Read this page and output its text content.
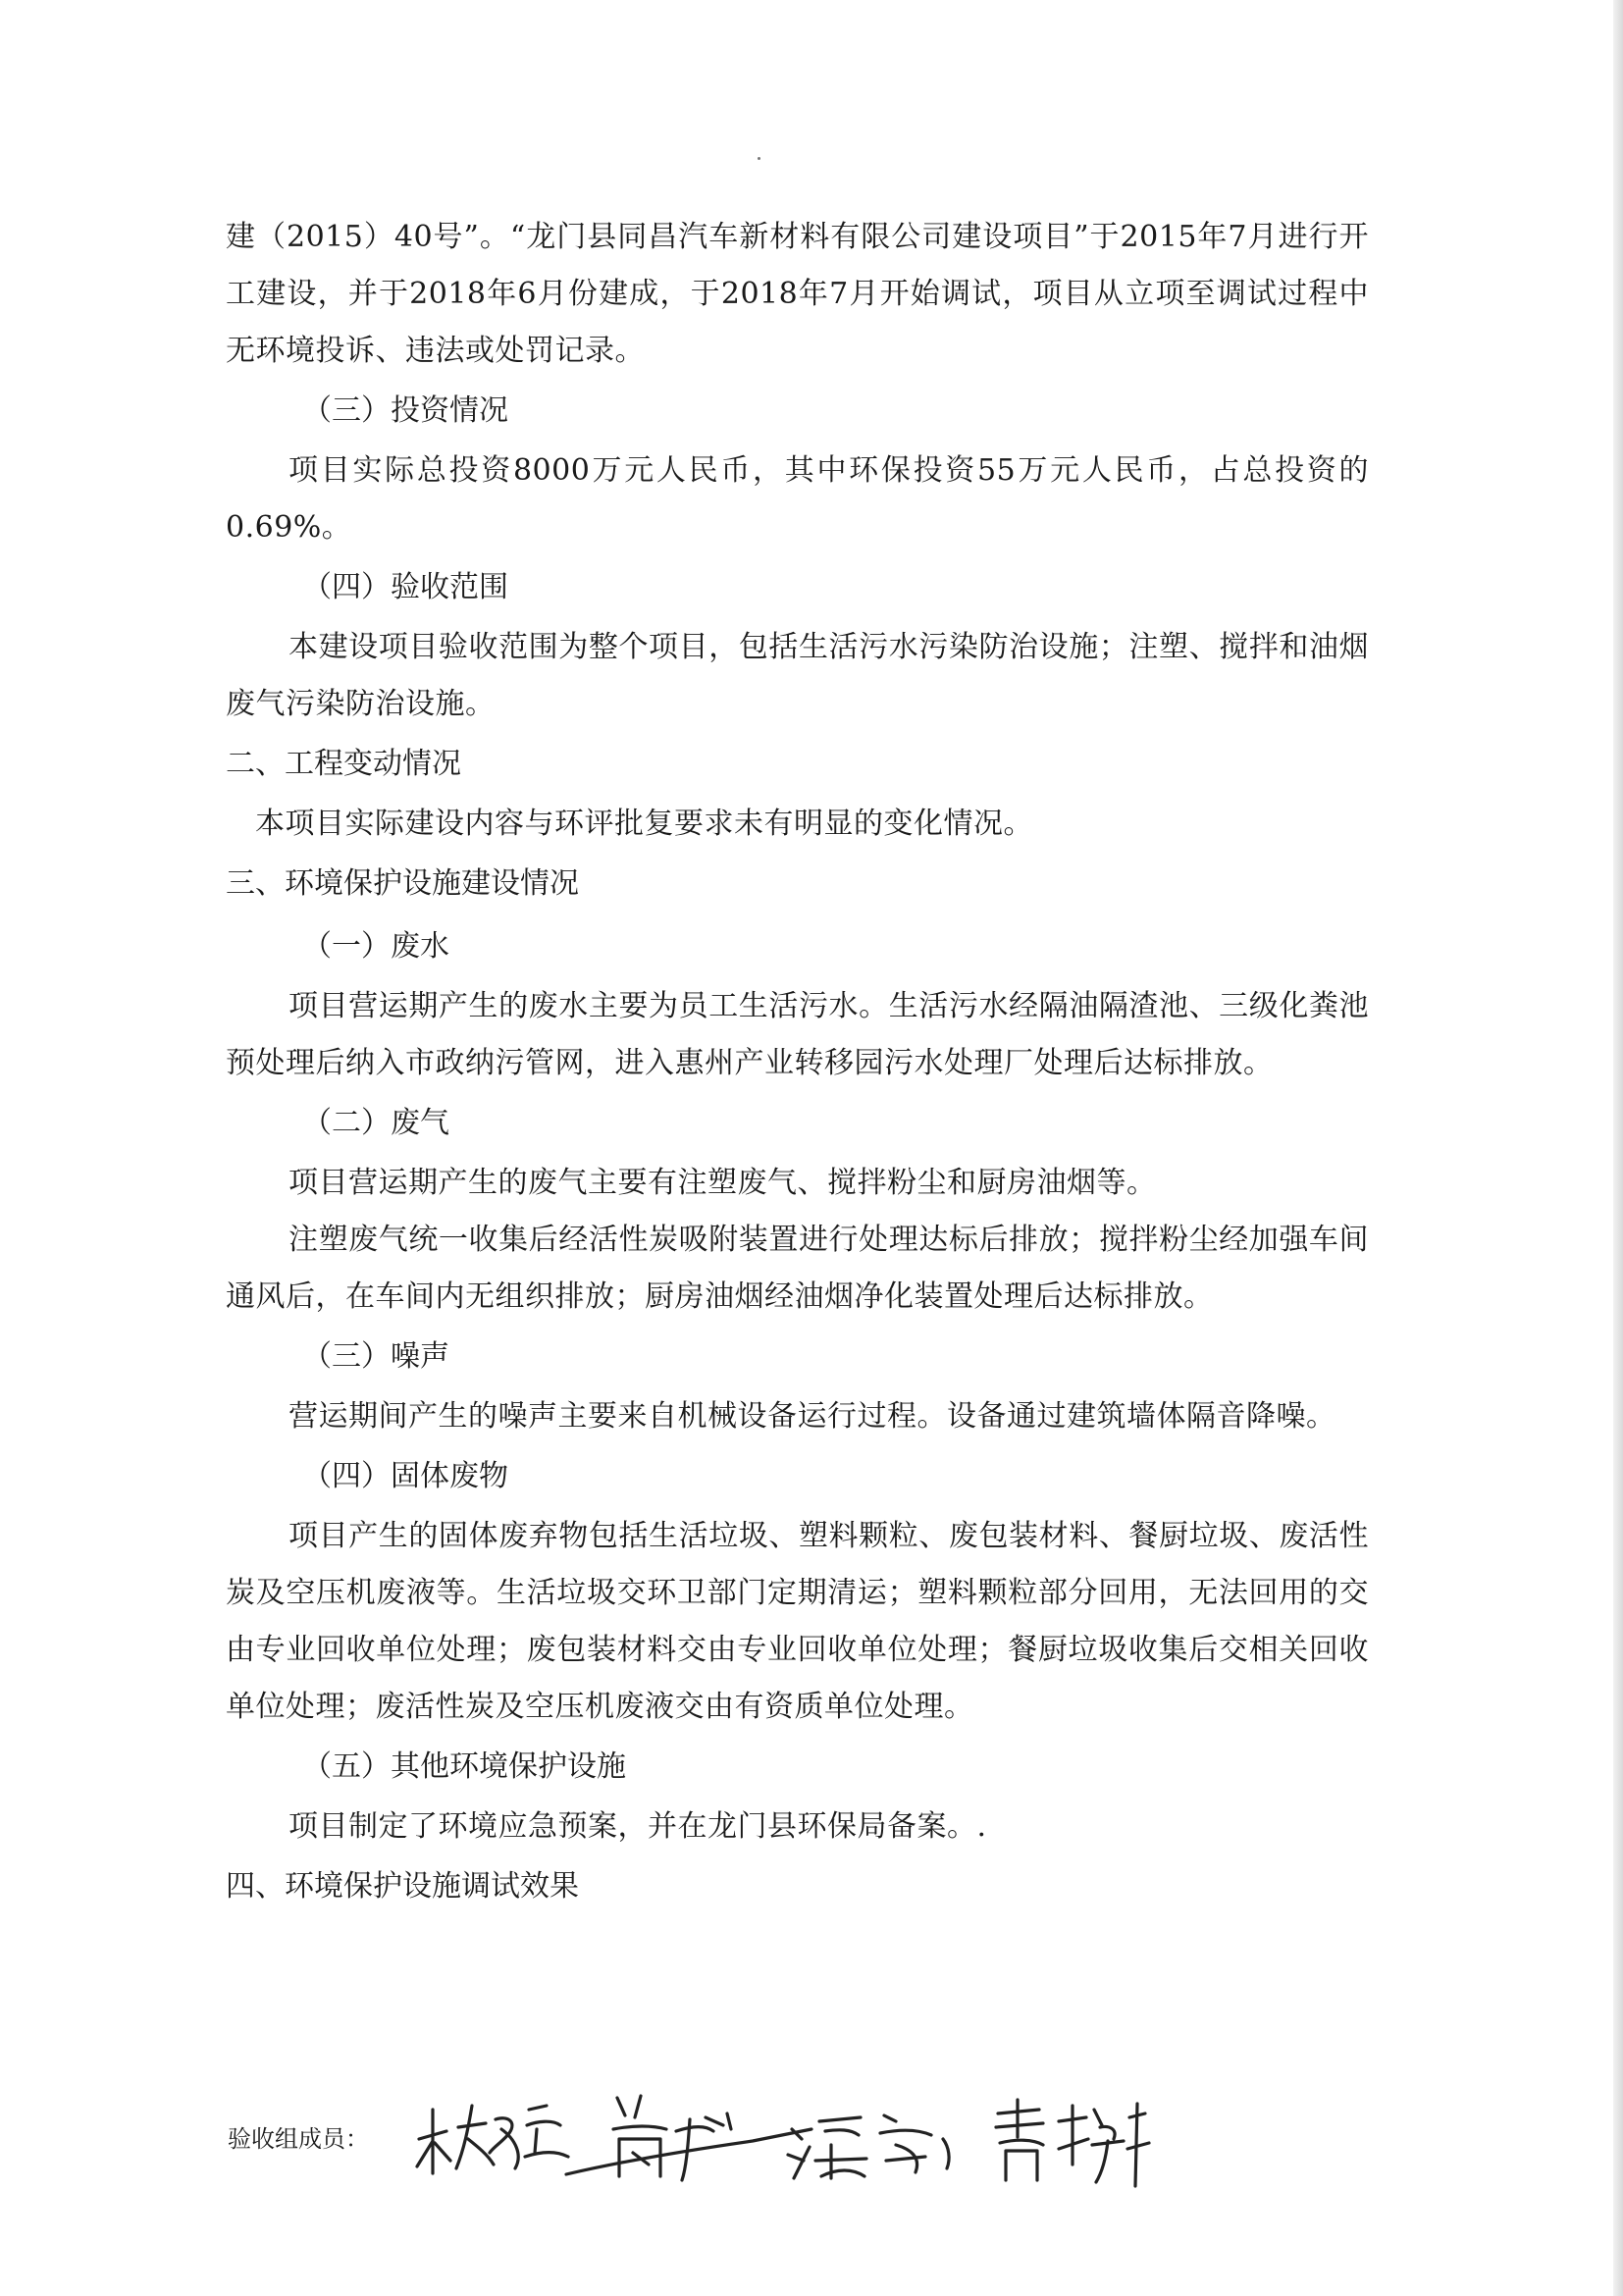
建（2015）40号”。“龙门县同昌汽车新材料有限公司建设项目”于2015年7月进行开工建设，并于2018年6月份建成，于2018年7月开始调试，项目从立项至调试过程中无环境投诉、违法或处罚记录。

（三）投资情况

项目实际总投资8000万元人民币，其中环保投资55万元人民币，占总投资的0.69%。

（四）验收范围

本建设项目验收范围为整个项目，包括生活污水污染防治设施；注塑、搅拌和油烟废气污染防治设施。

二、工程变动情况

本项目实际建设内容与环评批复要求未有明显的变化情况。

三、环境保护设施建设情况

（一）废水

项目营运期产生的废水主要为员工生活污水。生活污水经隔油隔渣池、三级化粪池预处理后纳入市政纳污管网，进入惠州产业转移园污水处理厂处理后达标排放。

（二）废气

项目营运期产生的废气主要有注塑废气、搅拌粉尘和厨房油烟等。

注塑废气统一收集后经活性炭吸附装置进行处理达标后排放；搅拌粉尘经加强车间通风后，在车间内无组织排放；厨房油烟经油烟净化装置处理后达标排放。

（三）噪声

营运期间产生的噪声主要来自机械设备运行过程。设备通过建筑墙体隔音降噪。

（四）固体废物

项目产生的固体废弃物包括生活垃圾、塑料颗粒、废包装材料、餐厨垃圾、废活性炭及空压机废液等。生活垃圾交环卫部门定期清运；塑料颗粒部分回用，无法回用的交由专业回收单位处理；废包装材料交由专业回收单位处理；餐厨垃圾收集后交相关回收单位处理；废活性炭及空压机废液交由有资质单位处理。

（五）其他环境保护设施

项目制定了环境应急预案，并在龙门县环保局备案。.

四、环境保护设施调试效果

验收组成员：
